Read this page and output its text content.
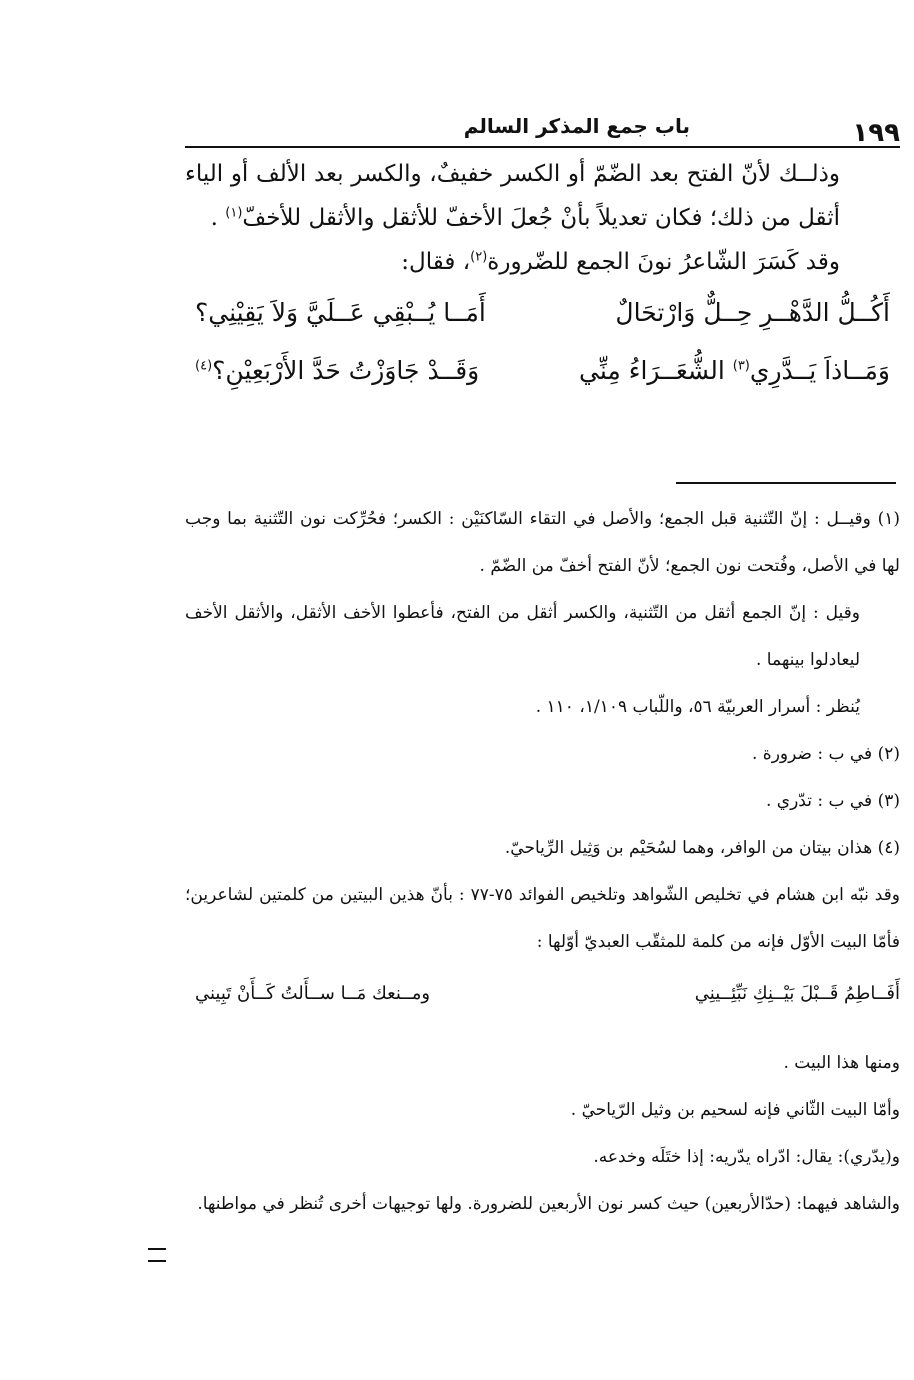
١٩٩
باب جمع المذكر السالم

وذلــك لأنّ الفتح بعد الضّمّ أو الكسر خفيفٌ، والكسر بعد الألف أو الياء أثقل من ذلك؛ فكان تعديلاً بأنْ جُعلَ الأخفّ للأثقل والأثقل للأخفّ$^{(١)}$ .

وقد كَسَرَ الشّاعرُ نونَ الجمع للضّرورة$^{(٢)}$، فقال:

أَكُــلُّ الدَّهْــرِ حِــلٌّ وَارْتحَالٌ
أَمَــا يُــبْقِي عَــلَيَّ وَلاَ يَقِيْنِي؟
وَمَــاذاَ يَــدَّرِي$^{(٣)}$ الشُّعَــرَاءُ مِنِّي
وَقَــدْ جَاوَزْتُ حَدَّ الأَرْبَعِيْنِ؟$^{(٤)}$

(١) وقيــل : إنّ التّثنية قبل الجمع؛ والأصل في التقاء السّاكنَيْن : الكسر؛ فحُرِّكت نون التّثنية بما وجب لها في الأصل، وفُتحت نون الجمع؛ لأنّ الفتح أخفّ من الضّمّ .

وقيل : إنّ الجمع أثقل من التّثنية، والكسر أثقل من الفتح، فأعطوا الأخف الأثقل، والأثقل الأخف ليعادلوا بينهما .

يُنظر : أسرار العربيّة ٥٦، واللّباب ١/١٠٩، ١١٠ .

(٢) في ب : ضرورة .

(٣) في ب : تدّري .

(٤) هذان بيتان من الوافر، وهما لسُحَيْم بن وَثِيل الرِّياحيّ.

وقد نبّه ابن هشام في تخليص الشّواهد وتلخيص الفوائد ٧٥-٧٧ : بأنّ هذين البيتين من كلمتين لشاعرين؛ فأمّا البيت الأوّل فإنه من كلمة للمثقّب العبديّ أوّلها :

أَفَــاطِمُ قَــبْلَ بَيْــنِكِ نَبِّئِــينِي
ومــنعك مَــا ســأَلتُ كَــأَنْ تَبِيني

ومنها هذا البيت .

وأمّا البيت الثّاني فإنه لسحيم بن وثيل الرّياحيّ .

و(يدّري): يقال: ادّراه يدّريه: إذا ختَلَه وخدعه.

والشاهد فيهما: (حدّالأربعين) حيث كسر نون الأربعين للضرورة. ولها توجيهات أخرى تُنظر في مواطنها.
